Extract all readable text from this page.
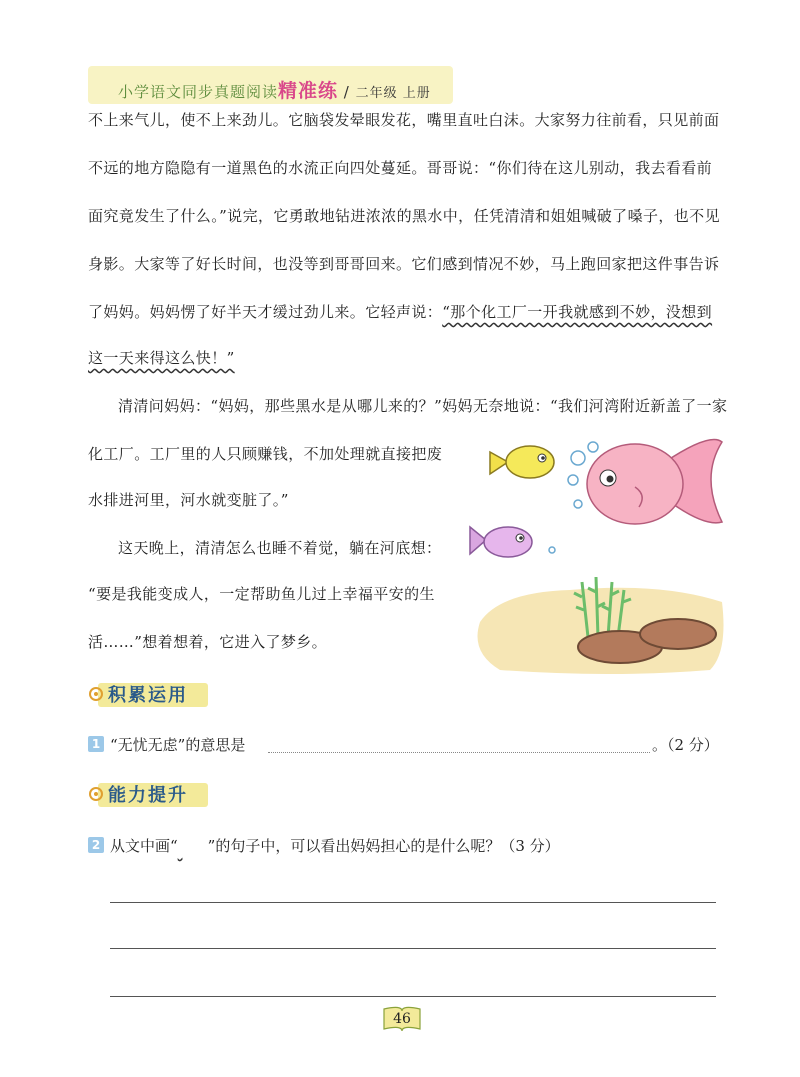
小学语文同步真题阅读精准练 / 二年级 上册
不上来气儿，使不上来劲儿。它脑袋发晕眼发花，嘴里直吐白沫。大家努力往前看，只见前面
不远的地方隐隐有一道黑色的水流正向四处蔓延。哥哥说：“你们待在这儿别动，我去看看前
面究竟发生了什么。”说完，它勇敢地钻进浓浓的黑水中，任凭清清和姐姐喊破了嗓子，也不见
身影。大家等了好长时间，也没等到哥哥回来。它们感到情况不妙，马上跑回家把这件事告诉
了妈妈。妈妈愣了好半天才缓过劲儿来。它轻声说：“那个化工厂一开我就感到不妙，没想到
这一天来得这么快！”
清清问妈妈：“妈妈，那些黑水是从哪儿来的？”妈妈无奈地说：“我们河湾附近新盖了一家
化工厂。工厂里的人只顾赚钱，不加处理就直接把废
水排进河里，河水就变脏了。”
这天晚上，清清怎么也睡不着觉，躺在河底想：
“要是我能变成人，一定帮助鱼儿过上幸福平安的生
活……”想着想着，它进入了梦乡。
积累运用
1 “无忧无虑”的意思是	。（2 分）
能力提升
2 从文中画“ ”的句子中，可以看出妈妈担心的是什么呢？（3 分）
46
